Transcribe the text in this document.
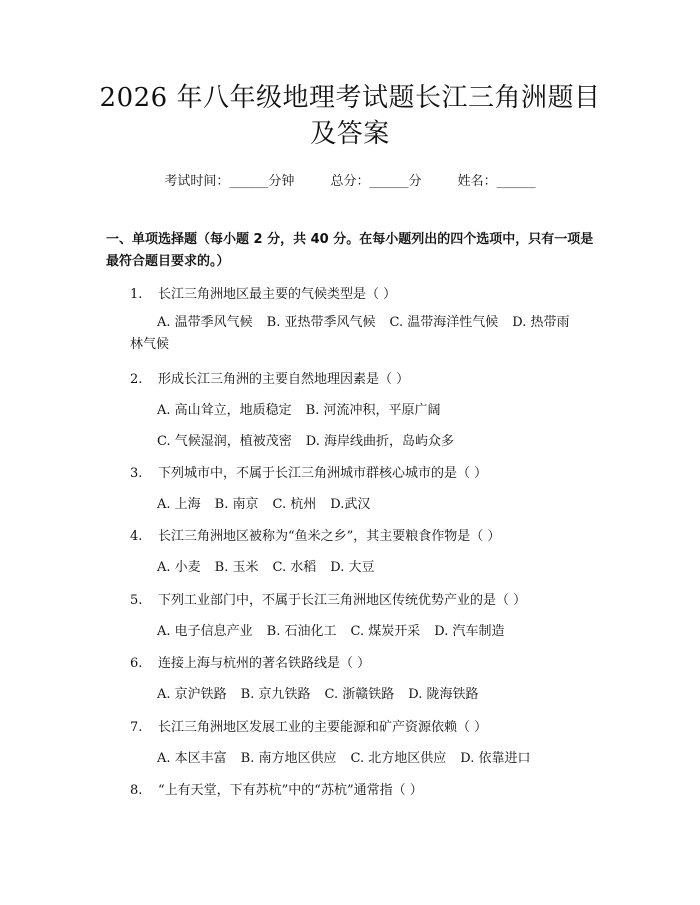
2026 年八年级地理考试题长江三角洲题目及答案
考试时间：______分钟	总分：______分	姓名：______
一、单项选择题（每小题 2 分，共 40 分。在每小题列出的四个选项中，只有一项是最符合题目要求的。）
1. 长江三角洲地区最主要的气候类型是（ ）
A. 温带季风气候 B. 亚热带季风气候 C. 温带海洋性气候 D. 热带雨林气候
2. 形成长江三角洲的主要自然地理因素是（ ）
A. 高山耸立，地质稳定 B. 河流冲积，平原广阔
C. 气候湿润，植被茂密 D. 海岸线曲折，岛屿众多
3. 下列城市中，不属于长江三角洲城市群核心城市的是（ ）
A. 上海 B. 南京 C. 杭州 D.武汉
4. 长江三角洲地区被称为“鱼米之乡”，其主要粮食作物是（ ）
A. 小麦 B. 玉米 C. 水稻 D. 大豆
5. 下列工业部门中，不属于长江三角洲地区传统优势产业的是（ ）
A. 电子信息产业 B. 石油化工 C. 煤炭开采 D. 汽车制造
6. 连接上海与杭州的著名铁路线是（ ）
A. 京沪铁路 B. 京九铁路 C. 浙赣铁路 D. 陇海铁路
7. 长江三角洲地区发展工业的主要能源和矿产资源依赖（ ）
A. 本区丰富 B. 南方地区供应 C. 北方地区供应 D. 依靠进口
8. “上有天堂，下有苏杭”中的“苏杭”通常指（ ）
